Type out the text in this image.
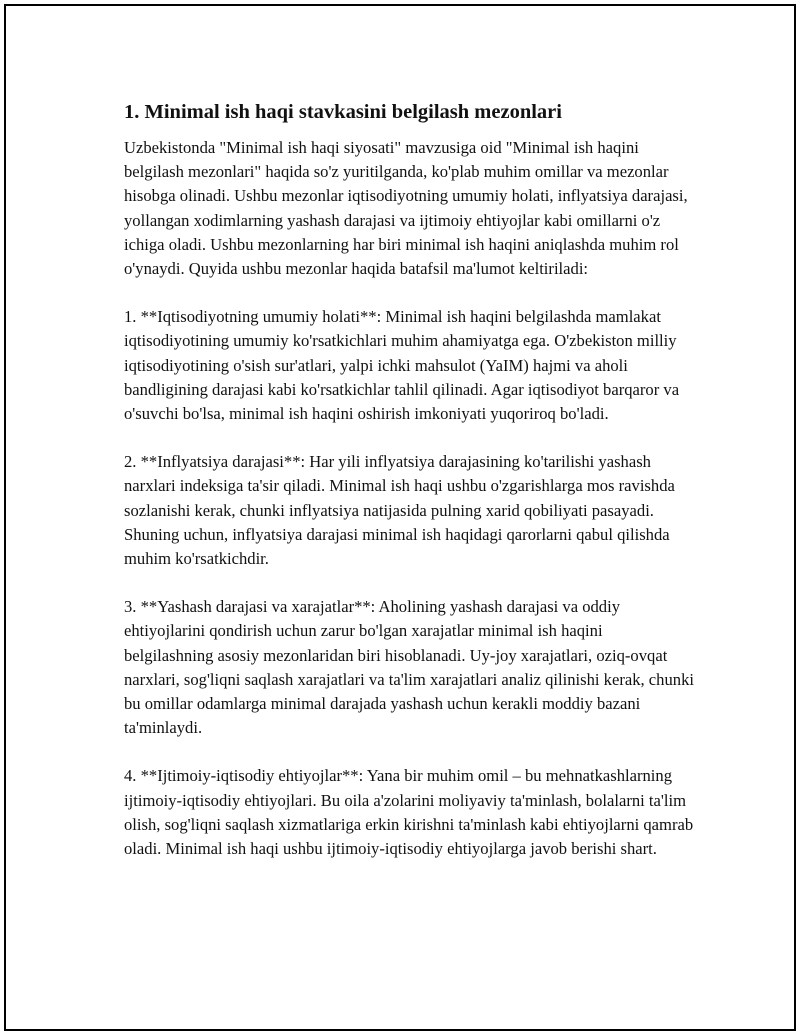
1. Minimal ish haqi stavkasini belgilash mezonlari

Uzbekistonda "Minimal ish haqi siyosati" mavzusiga oid "Minimal ish haqini belgilash mezonlari" haqida so'z yuritilganda, ko'plab muhim omillar va mezonlar hisobga olinadi. Ushbu mezonlar iqtisodiyotning umumiy holati, inflyatsiya darajasi, yollangan xodimlarning yashash darajasi va ijtimoiy ehtiyojlar kabi omillarni o'z ichiga oladi. Ushbu mezonlarning har biri minimal ish haqini aniqlashda muhim rol o'ynaydi. Quyida ushbu mezonlar haqida batafsil ma'lumot keltiriladi:

1. **Iqtisodiyotning umumiy holati**: Minimal ish haqini belgilashda mamlakat iqtisodiyotining umumiy ko'rsatkichlari muhim ahamiyatga ega. O'zbekiston milliy iqtisodiyotining o'sish sur'atlari, yalpi ichki mahsulot (YaIM) hajmi va aholi bandligining darajasi kabi ko'rsatkichlar tahlil qilinadi. Agar iqtisodiyot barqaror va o'suvchi bo'lsa, minimal ish haqini oshirish imkoniyati yuqoriroq bo'ladi.

2. **Inflyatsiya darajasi**: Har yili inflyatsiya darajasining ko'tarilishi yashash narxlari indeksiga ta'sir qiladi. Minimal ish haqi ushbu o'zgarishlarga mos ravishda sozlanishi kerak, chunki inflyatsiya natijasida pulning xarid qobiliyati pasayadi. Shuning uchun, inflyatsiya darajasi minimal ish haqidagi qarorlarni qabul qilishda muhim ko'rsatkichdir.

3. **Yashash darajasi va xarajatlar**: Aholining yashash darajasi va oddiy ehtiyojlarini qondirish uchun zarur bo'lgan xarajatlar minimal ish haqini belgilashning asosiy mezonlaridan biri hisoblanadi. Uy-joy xarajatlari, oziq-ovqat narxlari, sog'liqni saqlash xarajatlari va ta'lim xarajatlari analiz qilinishi kerak, chunki bu omillar odamlarga minimal darajada yashash uchun kerakli moddiy bazani ta'minlaydi.

4. **Ijtimoiy-iqtisodiy ehtiyojlar**: Yana bir muhim omil – bu mehnatkashlarning ijtimoiy-iqtisodiy ehtiyojlari. Bu oila a'zolarini moliyaviy ta'minlash, bolalarni ta'lim olish, sog'liqni saqlash xizmatlariga erkin kirishni ta'minlash kabi ehtiyojlarni qamrab oladi. Minimal ish haqi ushbu ijtimoiy-iqtisodiy ehtiyojlarga javob berishi shart.
